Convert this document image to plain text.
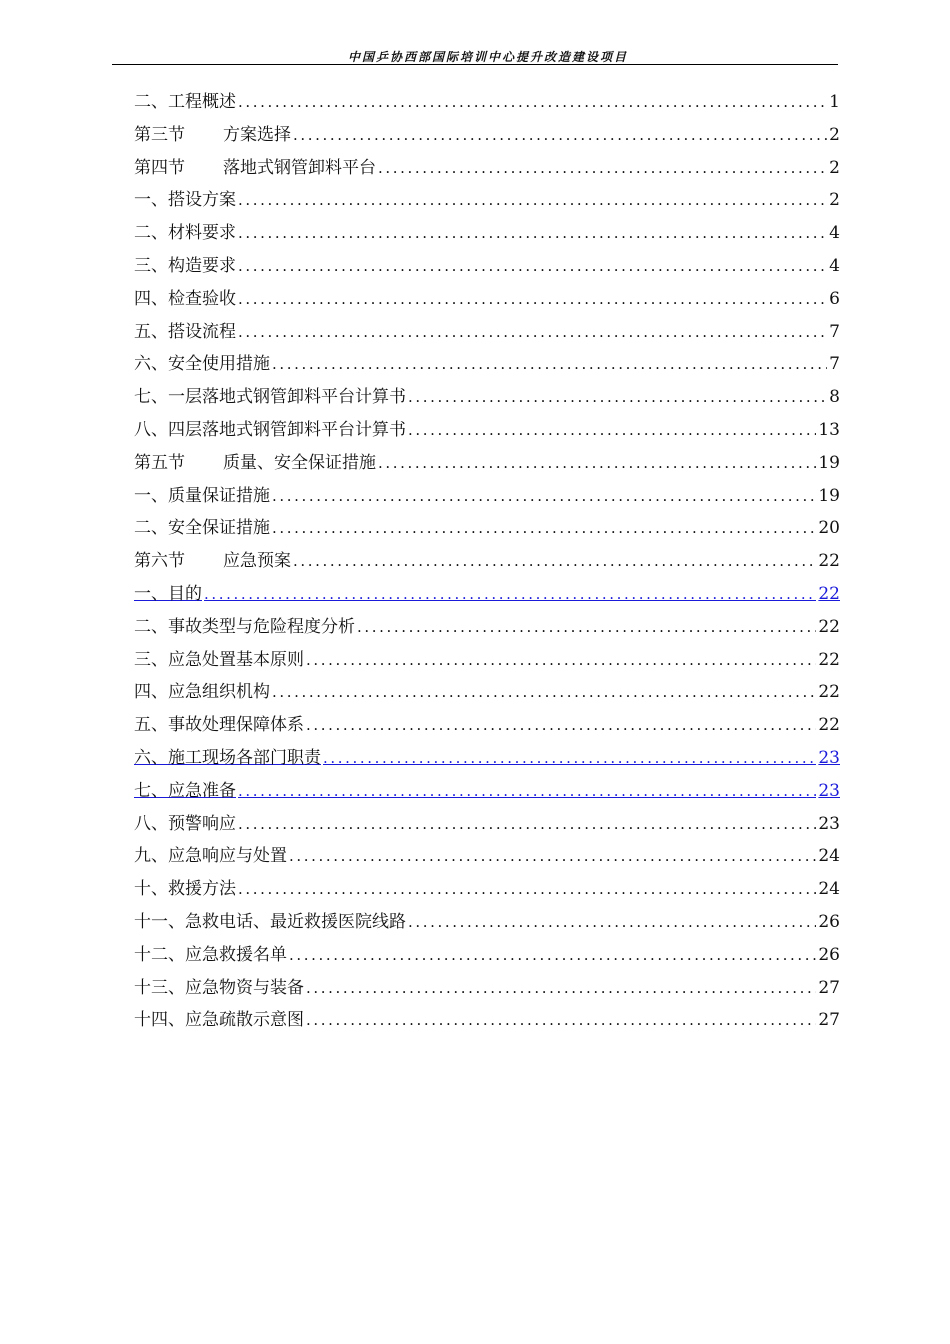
中国乒协西部国际培训中心提升改造建设项目
二、工程概述 .....	1
第三节 方案选择 .....	2
第四节 落地式钢管卸料平台 .....	2
一、搭设方案 .....	2
二、材料要求 .....	4
三、构造要求 .....	4
四、检查验收 .....	6
五、搭设流程 .....	7
六、安全使用措施 .....	7
七、一层落地式钢管卸料平台计算书 .....	8
八、四层落地式钢管卸料平台计算书 .....	13
第五节 质量、安全保证措施 .....	19
一、质量保证措施 .....	19
二、安全保证措施 .....	20
第六节 应急预案 .....	22
一、目的 .....	22
二、事故类型与危险程度分析 .....	22
三、应急处置基本原则 .....	22
四、应急组织机构 .....	22
五、事故处理保障体系 .....	22
六、施工现场各部门职责 .....	23
七、应急准备 .....	23
八、预警响应 .....	23
九、应急响应与处置 .....	24
十、救援方法 .....	24
十一、急救电话、最近救援医院线路 .....	26
十二、应急救援名单 .....	26
十三、应急物资与装备 .....	27
十四、应急疏散示意图 .....	27
